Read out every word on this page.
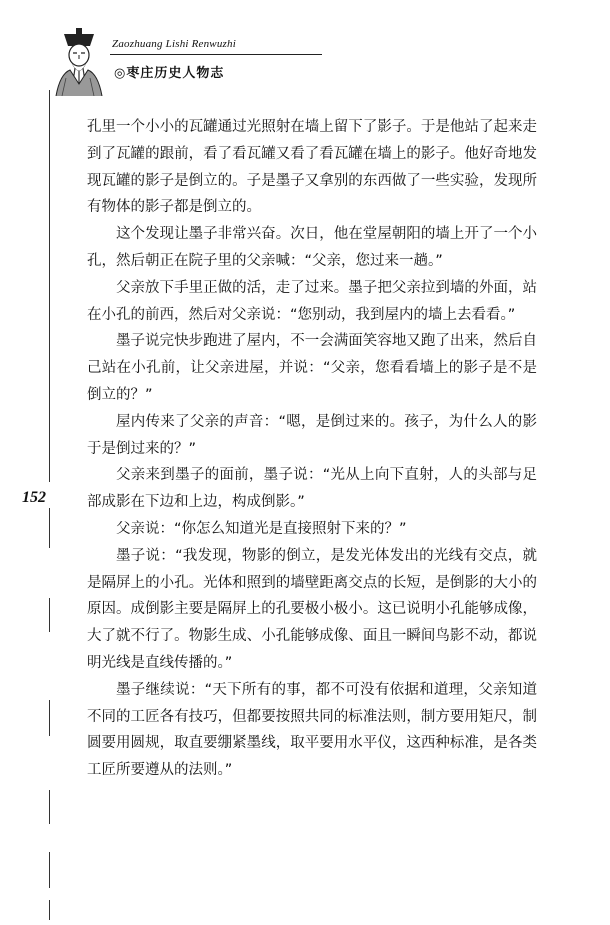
Zaozhuang Lishi Renwuzhi
◎枣庄历史人物志
152

孔里一个小小的瓦罐通过光照射在墙上留下了影子。于是他站了起来走到了瓦罐的跟前，看了看瓦罐又看了看瓦罐在墙上的影子。他好奇地发现瓦罐的影子是倒立的。子是墨子又拿别的东西做了一些实验，发现所有物体的影子都是倒立的。

这个发现让墨子非常兴奋。次日，他在堂屋朝阳的墙上开了一个小孔，然后朝正在院子里的父亲喊：“父亲，您过来一趟。”

父亲放下手里正做的活，走了过来。墨子把父亲拉到墙的外面，站在小孔的前西，然后对父亲说：“您别动，我到屋内的墙上去看看。”

墨子说完快步跑进了屋内，不一会满面笑容地又跑了出来，然后自己站在小孔前，让父亲进屋，并说：“父亲，您看看墙上的影子是不是倒立的？”

屋内传来了父亲的声音：“嗯，是倒过来的。孩子，为什么人的影于是倒过来的？”

父亲来到墨子的面前，墨子说：“光从上向下直射，人的头部与足部成影在下边和上边，构成倒影。”

父亲说：“你怎么知道光是直接照射下来的？”

墨子说：“我发现，物影的倒立，是发光体发出的光线有交点，就是隔屏上的小孔。光体和照到的墙壁距离交点的长短，是倒影的大小的原因。成倒影主要是隔屏上的孔要极小极小。这已说明小孔能够成像，大了就不行了。物影生成、小孔能够成像、面且一瞬间鸟影不动，都说明光线是直线传播的。”

墨子继续说：“天下所有的事，都不可没有依据和道理，父亲知道不同的工匠各有技巧，但都要按照共同的标准法则，制方要用矩尺，制圆要用圆规，取直要绷紧墨线，取平要用水平仪，这西种标准，是各类工匠所要遵从的法则。”
